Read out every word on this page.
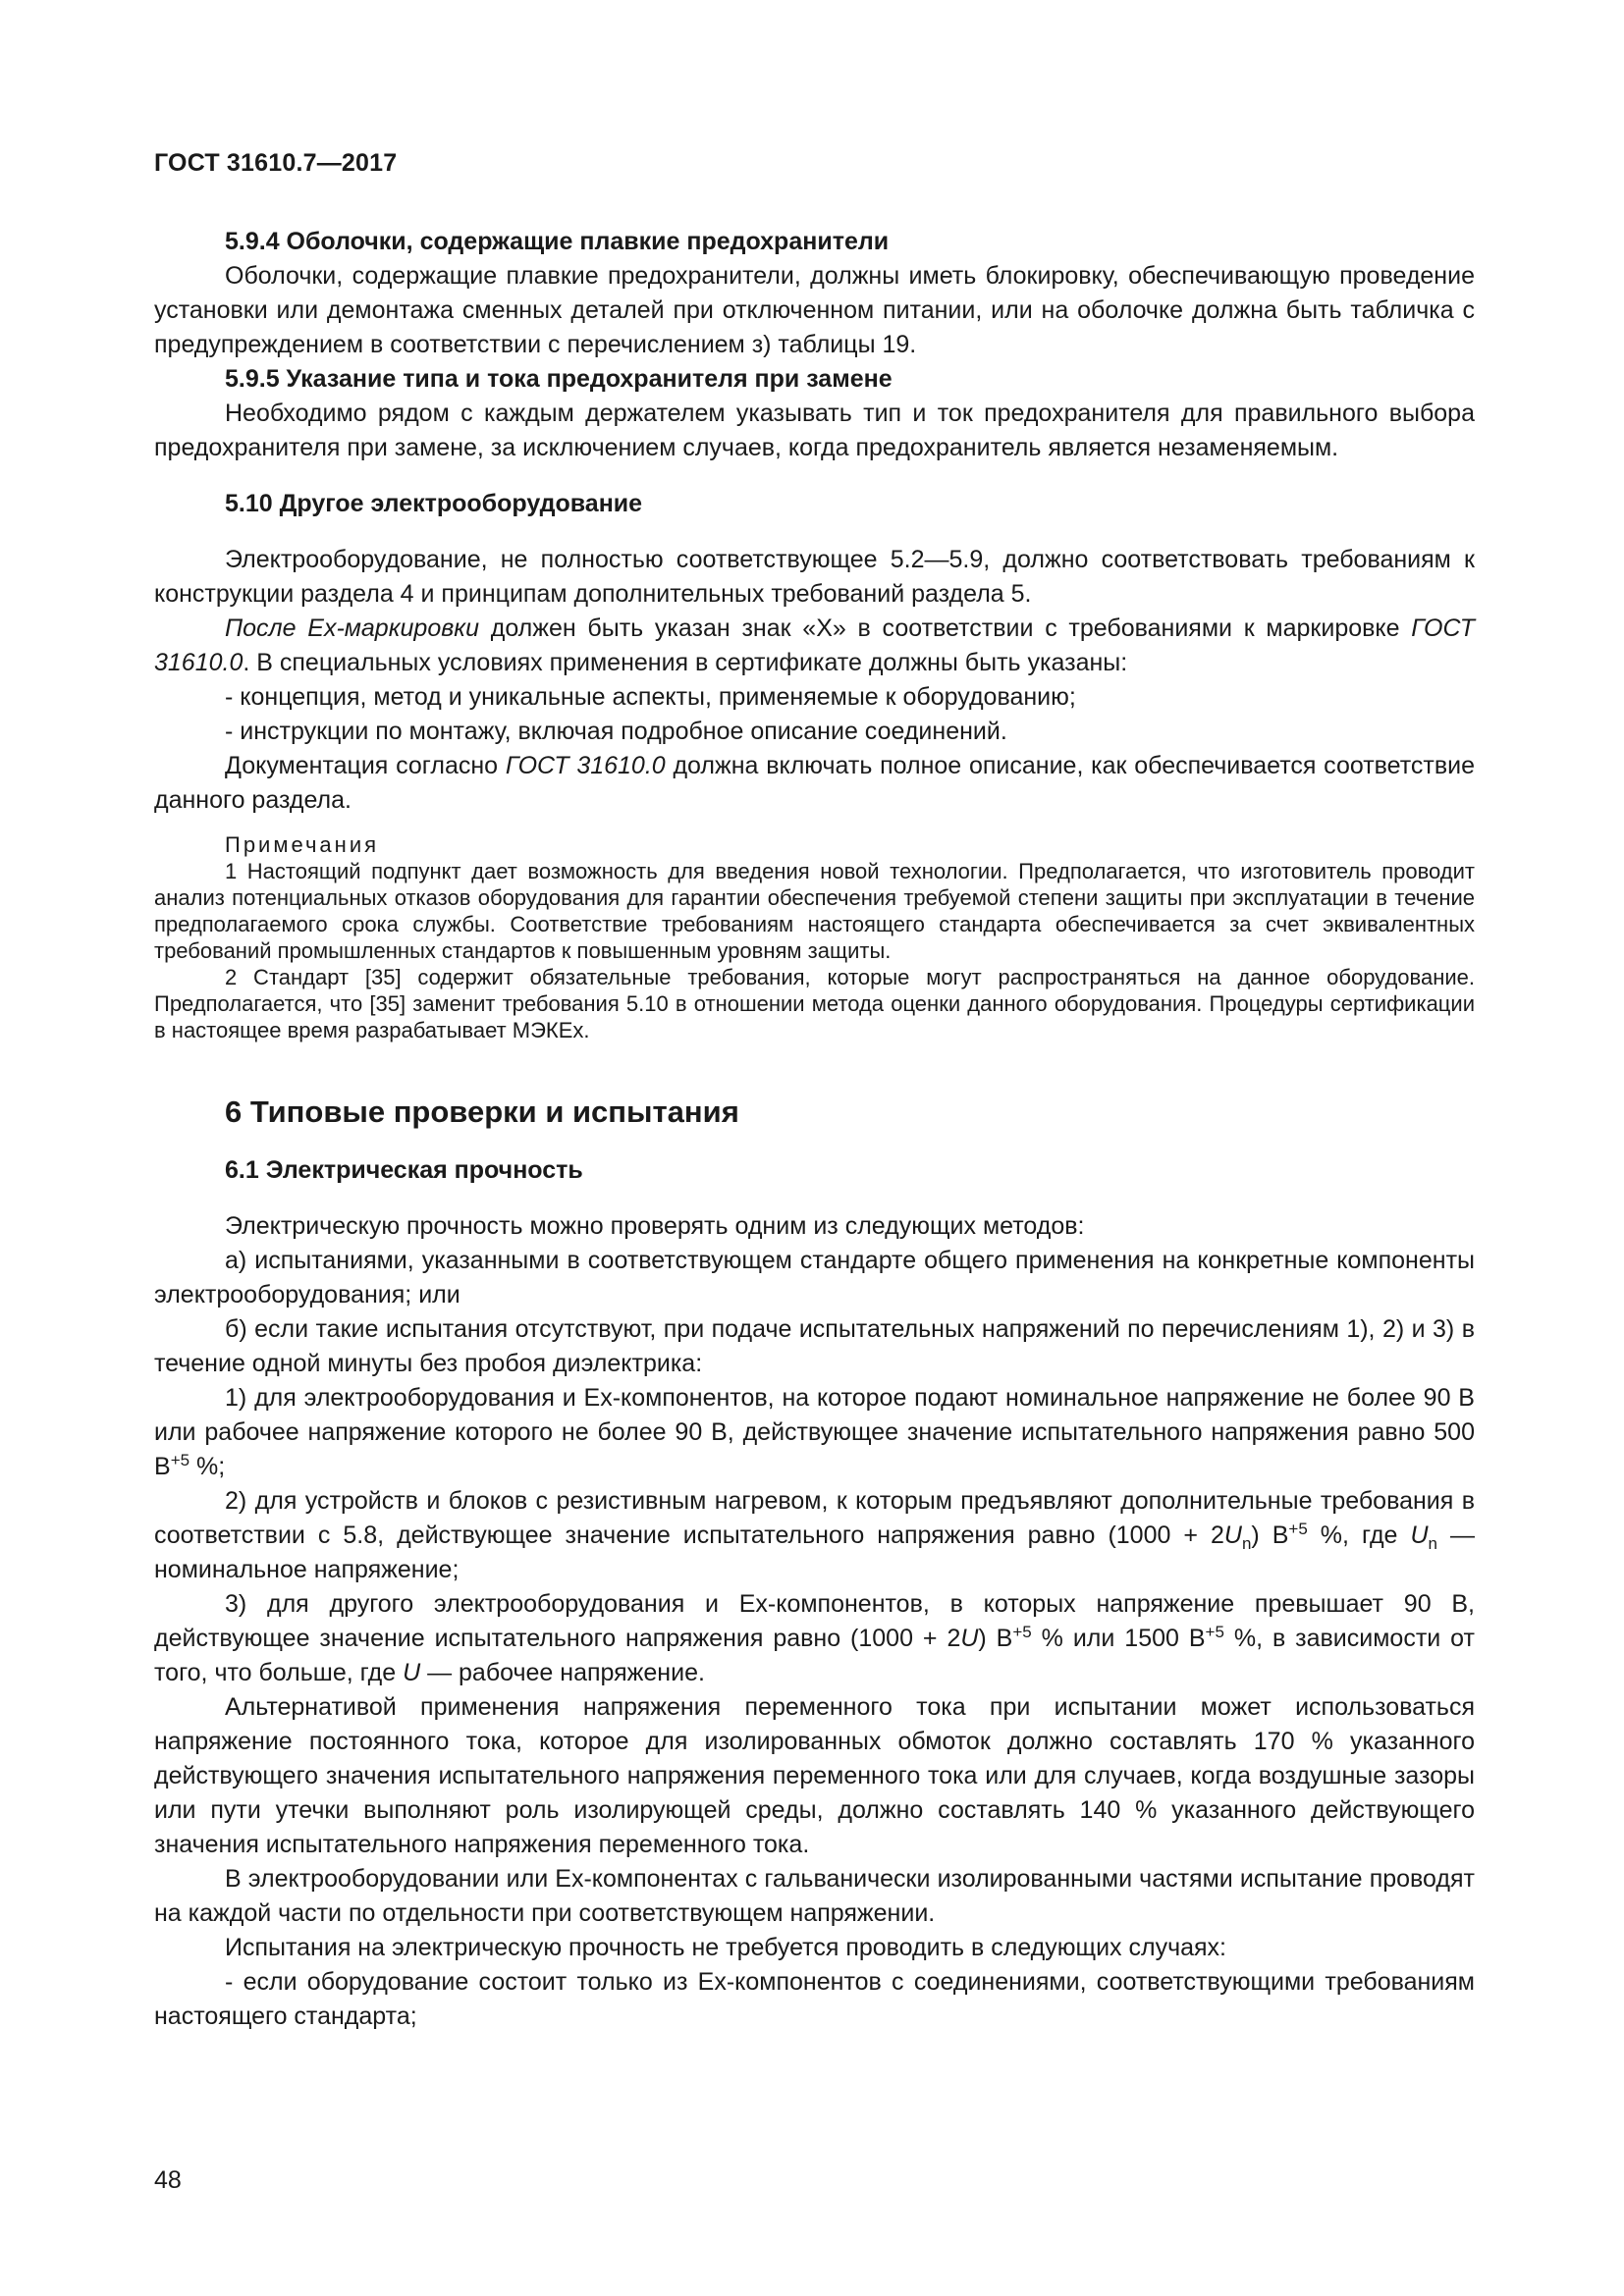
ГОСТ 31610.7—2017

5.9.4 Оболочки, содержащие плавкие предохранители

Оболочки, содержащие плавкие предохранители, должны иметь блокировку, обеспечивающую проведение установки или демонтажа сменных деталей при отключенном питании, или на оболочке должна быть табличка с предупреждением в соответствии с перечислением з) таблицы 19.

5.9.5 Указание типа и тока предохранителя при замене

Необходимо рядом с каждым держателем указывать тип и ток предохранителя для правильного выбора предохранителя при замене, за исключением случаев, когда предохранитель является незаменяемым.

5.10 Другое электрооборудование

Электрооборудование, не полностью соответствующее 5.2—5.9, должно соответствовать требованиям к конструкции раздела 4 и принципам дополнительных требований раздела 5.

После Ex-маркировки должен быть указан знак «Х» в соответствии с требованиями к маркировке ГОСТ 31610.0. В специальных условиях применения в сертификате должны быть указаны:

- концепция, метод и уникальные аспекты, применяемые к оборудованию;

- инструкции по монтажу, включая подробное описание соединений.

Документация согласно ГОСТ 31610.0 должна включать полное описание, как обеспечивается соответствие данного раздела.

Примечания

1 Настоящий подпункт дает возможность для введения новой технологии. Предполагается, что изготовитель проводит анализ потенциальных отказов оборудования для гарантии обеспечения требуемой степени защиты при эксплуатации в течение предполагаемого срока службы. Соответствие требованиям настоящего стандарта обеспечивается за счет эквивалентных требований промышленных стандартов к повышенным уровням защиты.

2 Стандарт [35] содержит обязательные требования, которые могут распространяться на данное оборудование. Предполагается, что [35] заменит требования 5.10 в отношении метода оценки данного оборудования. Процедуры сертификации в настоящее время разрабатывает МЭКЕх.

6 Типовые проверки и испытания

6.1 Электрическая прочность

Электрическую прочность можно проверять одним из следующих методов:

а) испытаниями, указанными в соответствующем стандарте общего применения на конкретные компоненты электрооборудования; или

б) если такие испытания отсутствуют, при подаче испытательных напряжений по перечислениям 1), 2) и 3) в течение одной минуты без пробоя диэлектрика:

1) для электрооборудования и Ex-компонентов, на которое подают номинальное напряжение не более 90 В или рабочее напряжение которого не более 90 В, действующее значение испытательного напряжения равно 500 $В^{+5}$ %;

2) для устройств и блоков с резистивным нагревом, к которым предъявляют дополнительные требования в соответствии с 5.8, действующее значение испытательного напряжения равно $(1000 + 2U_n)$ $В^{+5}$ %, где $U_n$ — номинальное напряжение;

3) для другого электрооборудования и Ex-компонентов, в которых напряжение превышает 90 В, действующее значение испытательного напряжения равно (1000 + 2U) $В^{+5}$ % или 1500 $В^{+5}$ %, в зависимости от того, что больше, где U — рабочее напряжение.

Альтернативой применения напряжения переменного тока при испытании может использоваться напряжение постоянного тока, которое для изолированных обмоток должно составлять 170 % указанного действующего значения испытательного напряжения переменного тока или для случаев, когда воздушные зазоры или пути утечки выполняют роль изолирующей среды, должно составлять 140 % указанного действующего значения испытательного напряжения переменного тока.

В электрооборудовании или Ex-компонентах с гальванически изолированными частями испытание проводят на каждой части по отдельности при соответствующем напряжении.

Испытания на электрическую прочность не требуется проводить в следующих случаях:

- если оборудование состоит только из Ex-компонентов с соединениями, соответствующими требованиям настоящего стандарта;

48
